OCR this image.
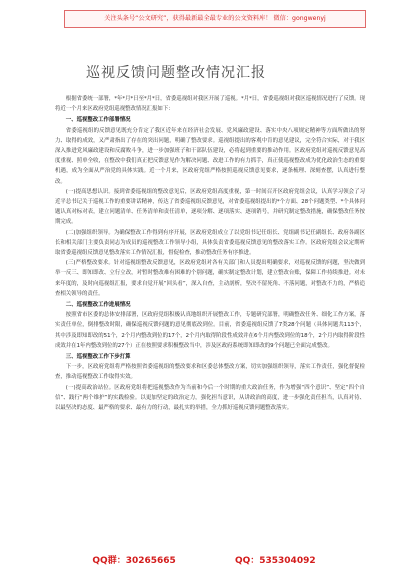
关注头条号“公文研究”，获得最新最全最专业的公文资料库！ 微信：gongwenyj
巡视反馈问题整改情况汇报

根据省委统一部署，*年*月*日至*月*日，省委巡视组对我区开展了巡视。*月*日，省委巡视组对我区巡视情况进行了反馈。现将近一个月来区政府党组巡视整改情况汇报如下：

一、巡视整改工作部署情况

省委巡视组的反馈意见既充分肯定了我区近年来在经济社会发展、党风廉政建设、落实中央八项规定精神等方面所做出的努力、取得的成效，又严肃指出了存在的突出问题，明确了整改要求。巡视组提出的客观中肯的意见建议，完全符合实际，对于我区深入推进党风廉政建设和反腐败斗争，进一步加强班子和干部队伍建设，必将起到重要的推动作用。区政府党组对巡视反馈意见高度重视、照单全收，在整改中我们真正把反馈意见作为解决问题、改进工作的有力抓手，真正使巡视整改成为优化政治生态的重要机遇，成为全面从严治党的具体实践。近一个月来，区政府党组严格按照巡视反馈意见要求，逐条梳理、深刻查摆，认真进行整改。

(一)提高思想认识。接到省委巡视组的整改意见后，区政府党组高度重视，第一时间召开区政府党组会议，认真学习领会了习近平总书记关于巡视工作的重要讲话精神，传达了省委巡视组反馈意见，对省委巡视组提出的*个方面、28个问题类型、*个具体问题认真对标对表，建立问题清单、任务清单和责任清单，逐项分解、逐项落实、逐项销号，并研究制定整改措施，确保整改任务按期完成。

(二)加强组织领导。为确保整改工作得到有序开展，区政府党组成立了以党组书记任组长、党组副书记任副组长、政府各副区长和相关部门主要负责同志为成员的巡视整改工作领导小组，具体负责省委巡视反馈意见的整改落实工作。区政府党组会议定期听取省委巡视组反馈意见整改落实工作情况汇报，督促检查，推动整改任务有序推进。

(三)严格整改要求。针对巡视组整改反馈意见，区政府党组对各有关部门和人员提出明确要求，对巡视反馈的问题，坚决做到举一反三、即知即改、立行立改，对暂时整改难有困难的个别问题，确实制定整改计划，建立整改台账，保障工作持续推进。对未来年度的，及时向巡视组汇报，要求自觉开展“回头看”，深入自查，主动剖析，坚决不留死角、不落问题，对整改不力的，严格追查相关领导的责任。

二、巡视整改工作进展情况

按照省市区委的总体安排部署，区政府党组积极认真地组织开展整改工作，专题研究部署，明确整改任务、细化工作方案，落实责任单位，倒排整改时限，确保巡视反馈问题的意见彻底改到位。目前，省委巡视组反馈了7类28个问题（具体问题共113个，其中涉及即知即改的51个，2个月内整改到位的17个，2个月内取得阶段性成效并在6个月内整改到位的18个，2个月内取得阶段性成效并在1年内整改到位的27个）正在按照要求积极整改当中，涉及区政府系统即知即改的9个问题已全面完成整改。

三、巡视整改工作下步打算

下一步，区政府党组将严格按照省委巡视组的整改要求和区委总体整改方案，切实加强组织领导，落实工作责任，强化督促检查，推动巡视整改工作取得实效。

(一)提高政治站位。区政府党组将把巡视整改作为当前和今后一个时期的重大政治任务，作为增强“四个意识”、坚定“四个自信”、践行“两个维护”的实践检验。以更加坚定的政治定力，强化担当意识，从讲政治的高度，进一步强化责任担当，认真对待、以最坚决的态度、最严格的要求、最有力的行动，最扎实的举措，全力抓好巡视反馈问题整改落实。

QQ群：30265665	QQ：535304092
